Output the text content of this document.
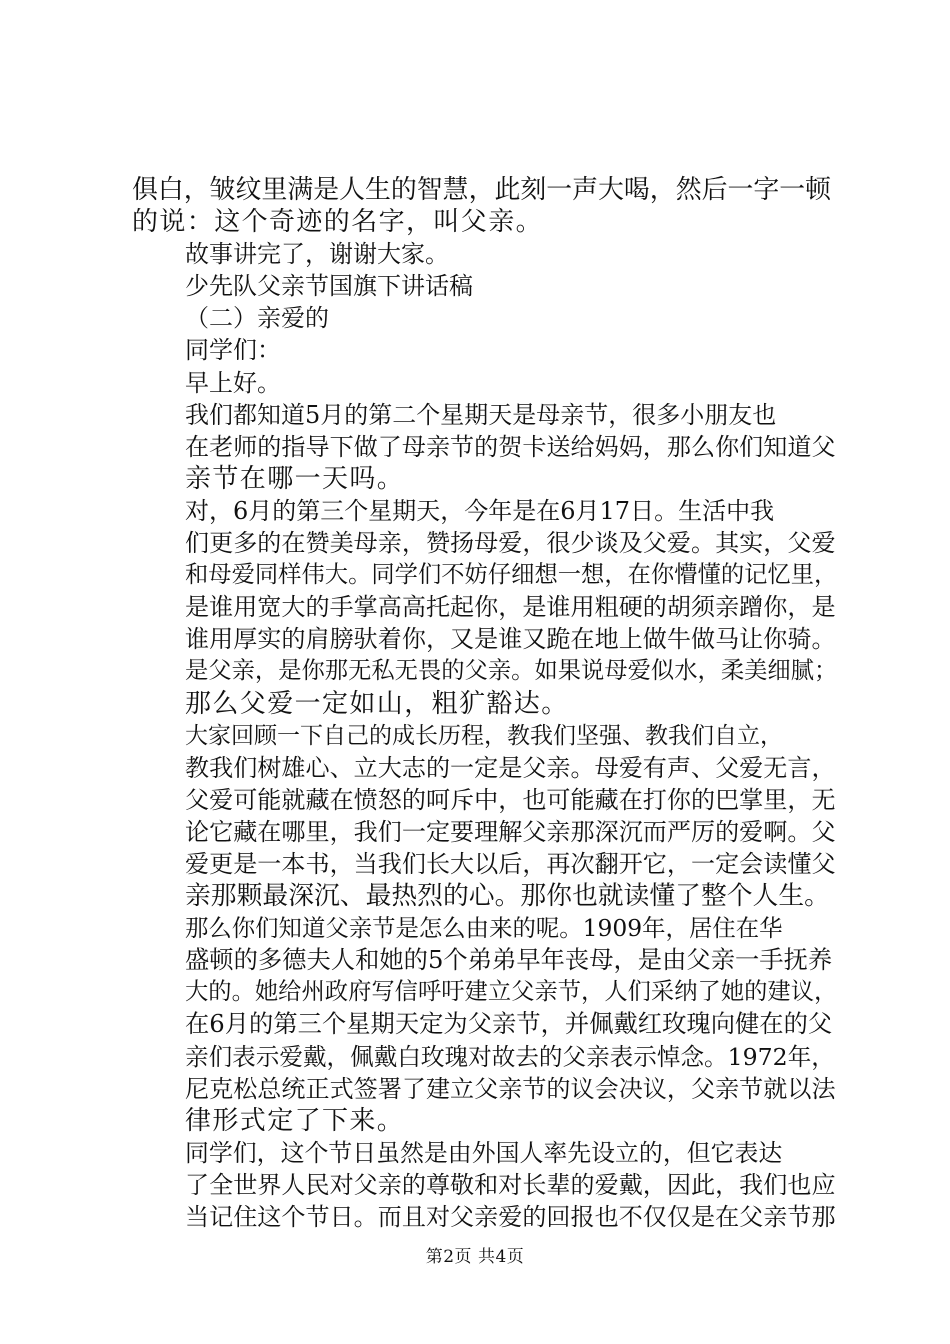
俱白，皱纹里满是人生的智慧，此刻一声大喝，然后一字一顿
的说：这个奇迹的名字，叫父亲。
故事讲完了，谢谢大家。
少先队父亲节国旗下讲话稿
（二）亲爱的
同学们：
早上好。
我们都知道5月的第二个星期天是母亲节，很多小朋友也
在老师的指导下做了母亲节的贺卡送给妈妈，那么你们知道父
亲节在哪一天吗。
对，6月的第三个星期天，今年是在6月17日。生活中我
们更多的在赞美母亲，赞扬母爱，很少谈及父爱。其实，父爱
和母爱同样伟大。同学们不妨仔细想一想，在你懵懂的记忆里，
是谁用宽大的手掌高高托起你，是谁用粗硬的胡须亲蹭你，是
谁用厚实的肩膀驮着你，又是谁又跪在地上做牛做马让你骑。
是父亲，是你那无私无畏的父亲。如果说母爱似水，柔美细腻；
那么父爱一定如山，粗犷豁达。
大家回顾一下自己的成长历程，教我们坚强、教我们自立，
教我们树雄心、立大志的一定是父亲。母爱有声、父爱无言，
父爱可能就藏在愤怒的呵斥中，也可能藏在打你的巴掌里，无
论它藏在哪里，我们一定要理解父亲那深沉而严厉的爱啊。父
爱更是一本书，当我们长大以后，再次翻开它，一定会读懂父
亲那颗最深沉、最热烈的心。那你也就读懂了整个人生。
那么你们知道父亲节是怎么由来的呢。1909年，居住在华
盛顿的多德夫人和她的5个弟弟早年丧母，是由父亲一手抚养
大的。她给州政府写信呼吁建立父亲节，人们采纳了她的建议，
在6月的第三个星期天定为父亲节，并佩戴红玫瑰向健在的父
亲们表示爱戴，佩戴白玫瑰对故去的父亲表示悼念。1972年，
尼克松总统正式签署了建立父亲节的议会决议，父亲节就以法
律形式定了下来。
同学们，这个节日虽然是由外国人率先设立的，但它表达
了全世界人民对父亲的尊敬和对长辈的爱戴，因此，我们也应
当记住这个节日。而且对父亲爱的回报也不仅仅是在父亲节那
第2页 共4页
